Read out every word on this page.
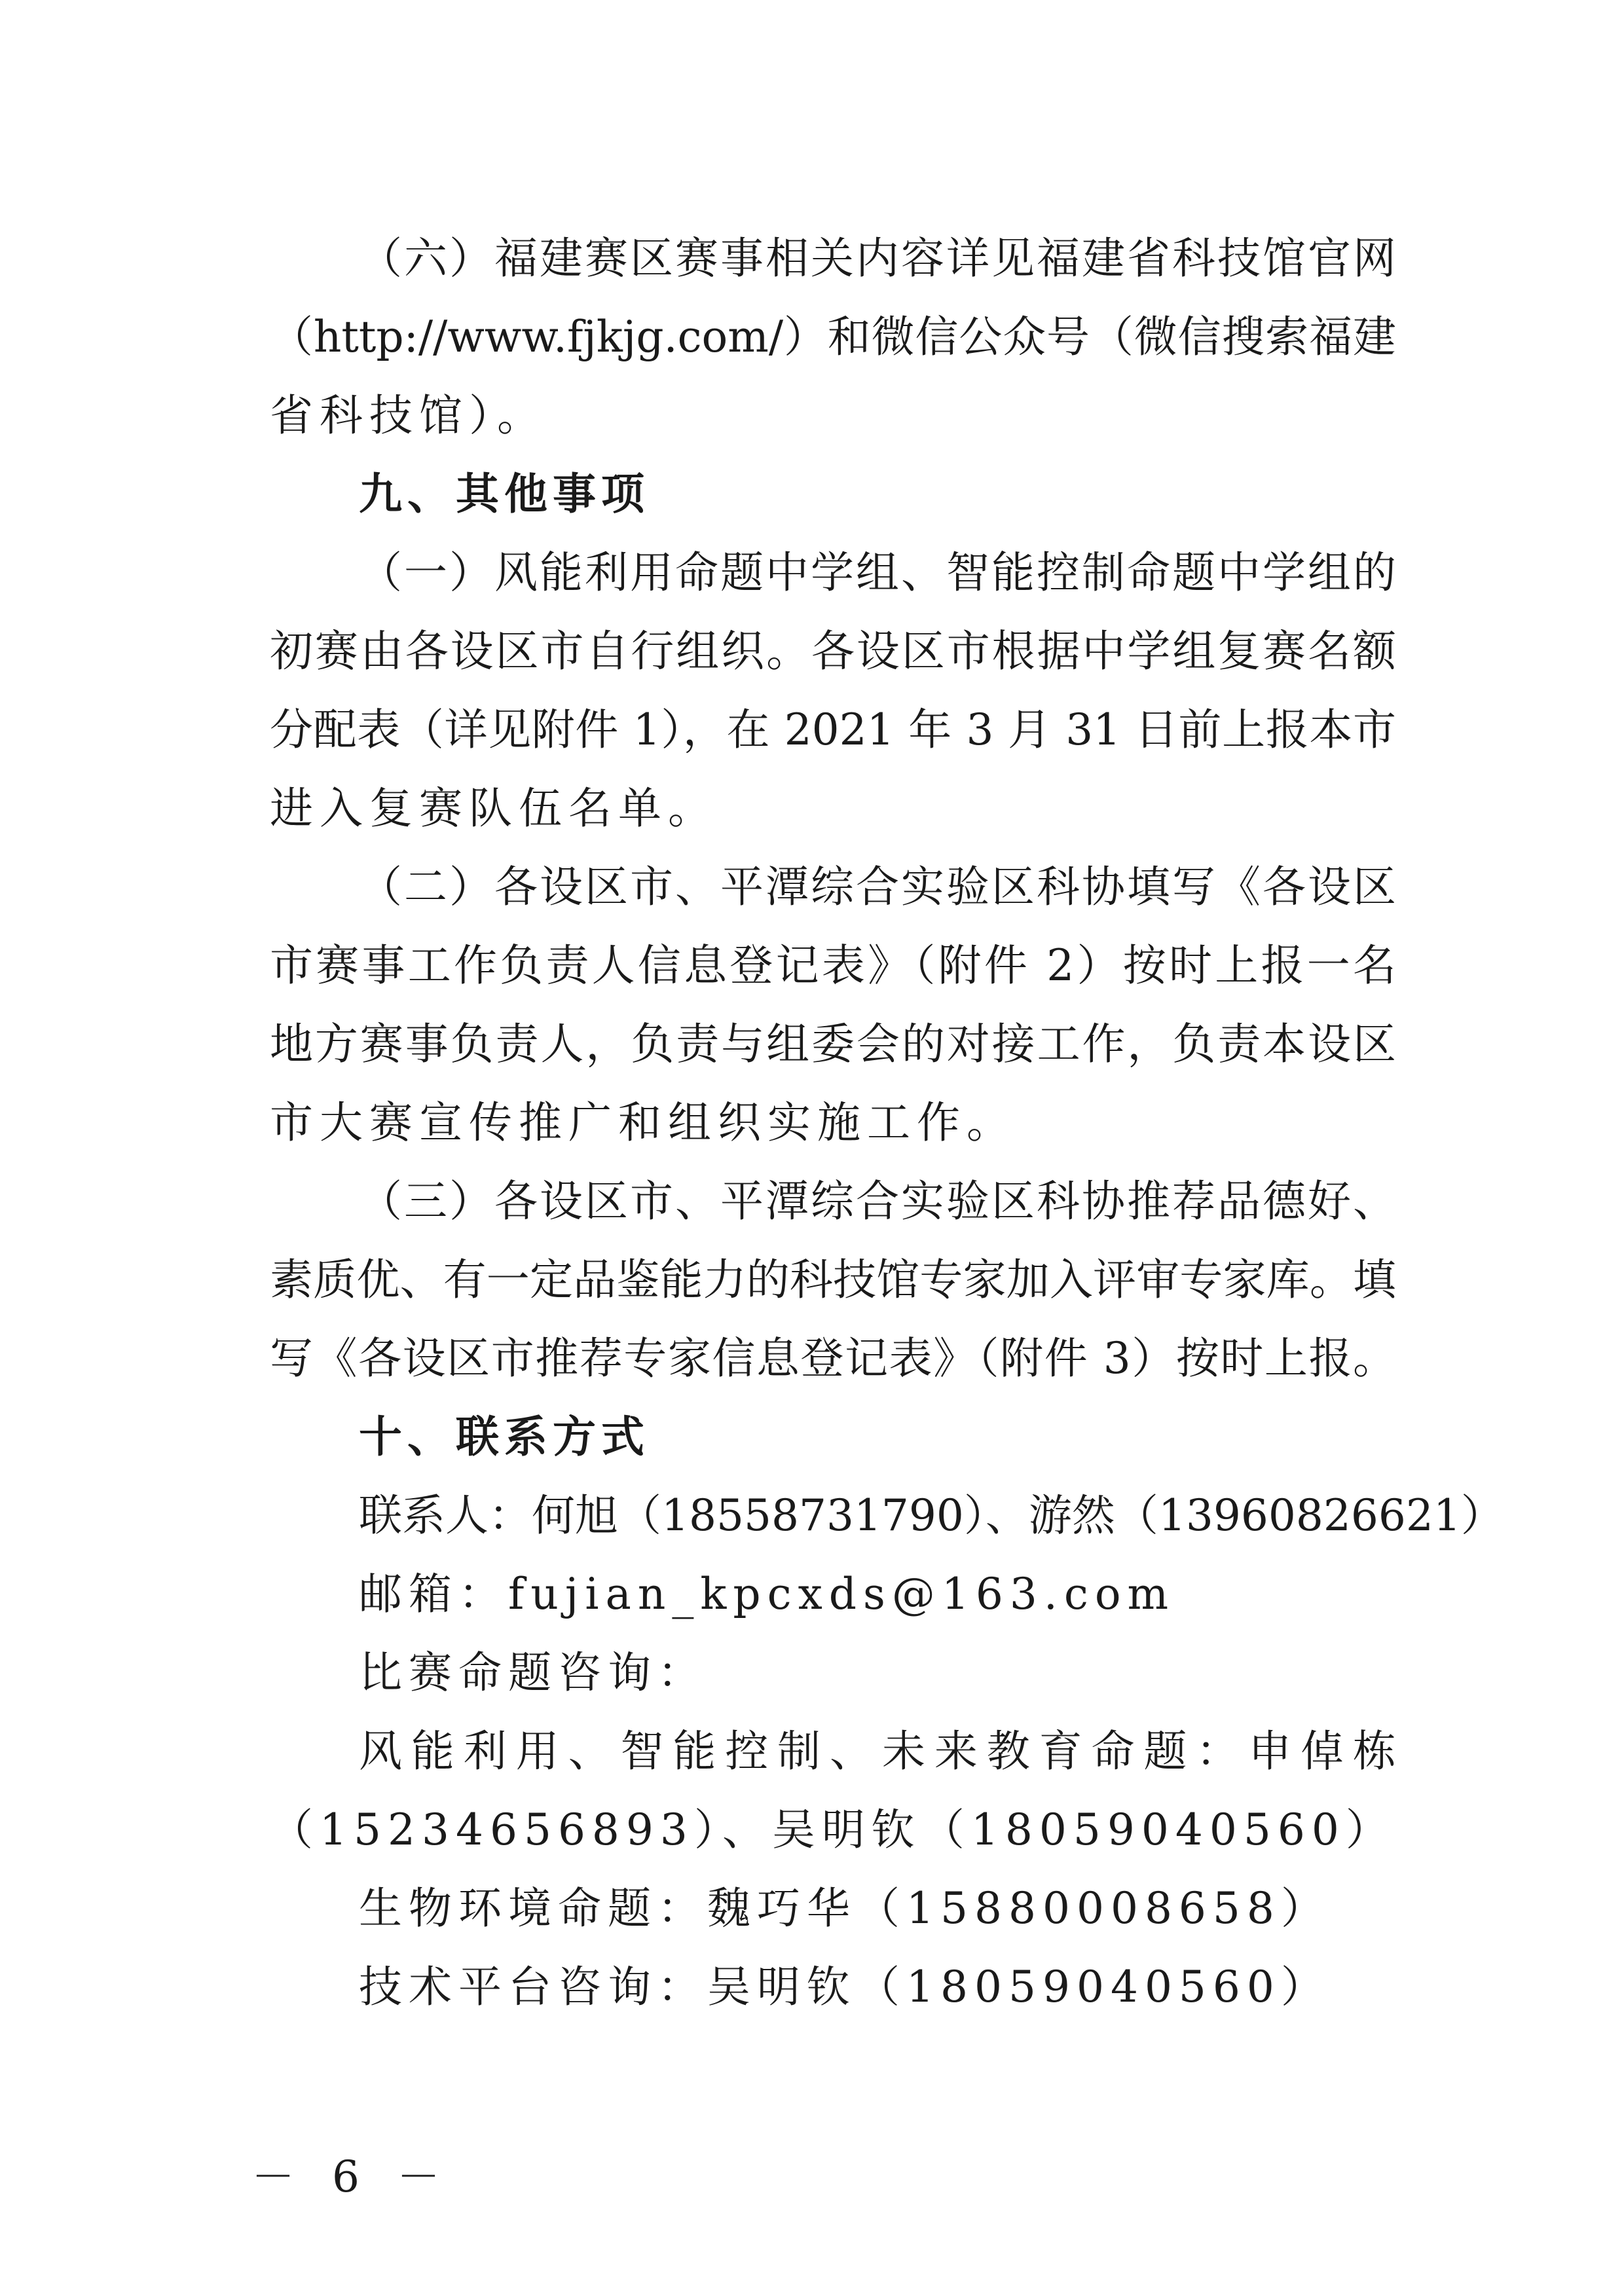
（六）福建赛区赛事相关内容详见福建省科技馆官网
（http://www.fjkjg.com/）和微信公众号（微信搜索福建
省科技馆）。
九、其他事项
（一）风能利用命题中学组、智能控制命题中学组的
初赛由各设区市自行组织。各设区市根据中学组复赛名额
分配表（详见附件 1），在 2021 年 3 月 31 日前上报本市
进入复赛队伍名单。
（二）各设区市、平潭综合实验区科协填写《各设区
市赛事工作负责人信息登记表》（附件 2）按时上报一名
地方赛事负责人，负责与组委会的对接工作，负责本设区
市大赛宣传推广和组织实施工作。
（三）各设区市、平潭综合实验区科协推荐品德好、
素质优、有一定品鉴能力的科技馆专家加入评审专家库。填
写《各设区市推荐专家信息登记表》（附件 3）按时上报。
十、联系方式
联系人：何旭（18558731790）、游然（13960826621）
邮箱：fujian_kpcxds@163.com
比赛命题咨询：
风能利用、智能控制、未来教育命题：申倬栋
（15234656893）、吴明钦（18059040560）
生物环境命题：魏巧华（15880008658）
技术平台咨询：吴明钦（18059040560）
－ 6 －
